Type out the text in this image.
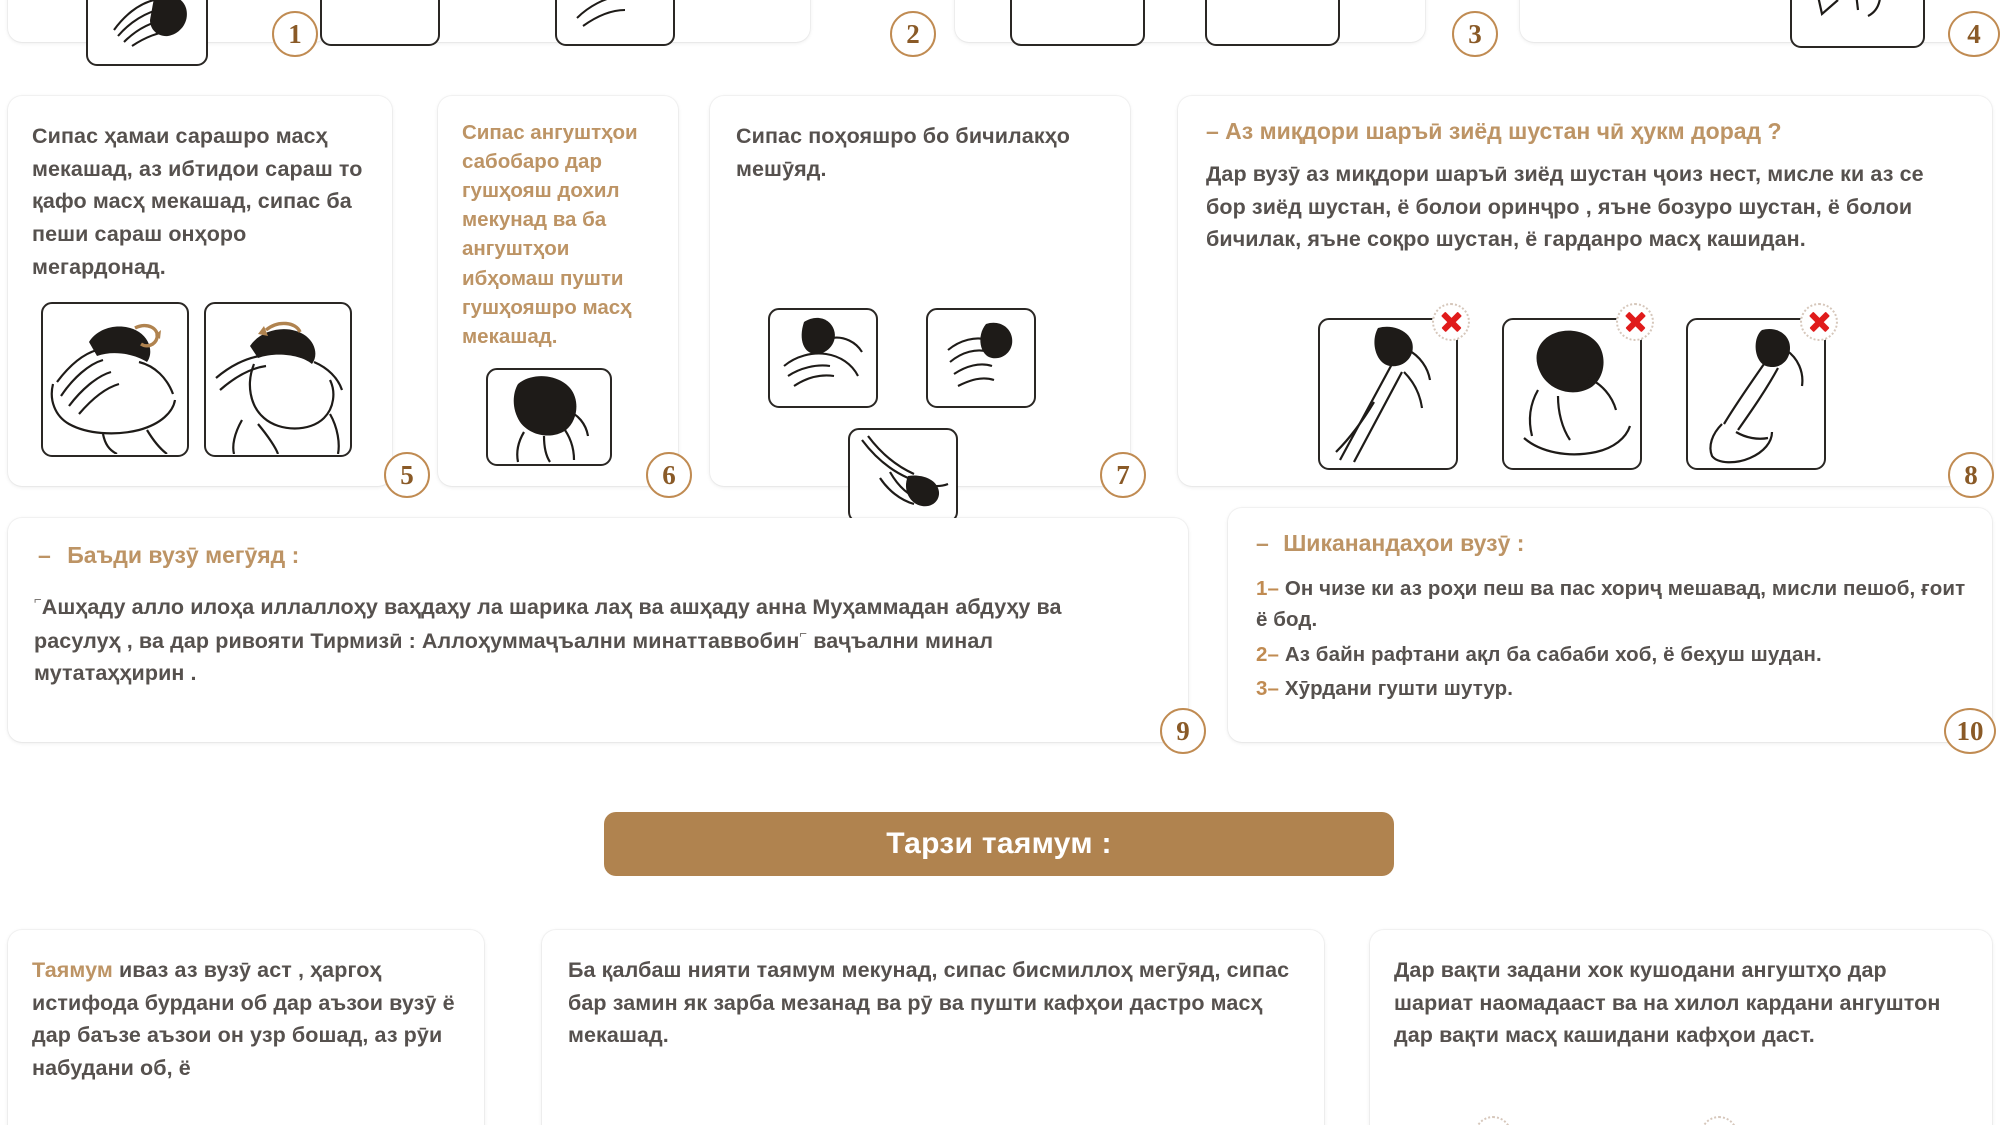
1	2	3	4
Сипас ҳамаи сарашро масҳ мекашад, аз ибтидои сараш то қафо масҳ мекашад, сипас ба пеши сараш онҳоро мегардонад.
5
Сипас ангуштҳои сабобаро дар гушҳояш дохил мекунад ва ба ангуштҳои ибҳомаш пушти гушҳояшро масҳ мекашад.
6
Сипас поҳояшро бо бичилакҳо мешӯяд.
7
– Аз миқдори шаръӣ зиёд шустан чӣ ҳукм дорад ?
Дар вузӯ аз миқдори шаръӣ зиёд шустан ҷоиз нест, мисле ки аз се бор зиёд шустан, ё болои оринҷро , яъне бозуро шустан, ё болои бичилак, яъне соқро шустан, ё гарданро масҳ кашидан.
8
– Баъди вузӯ мегӯяд :
⌐Ашҳаду алло илоҳа иллаллоҳу ваҳдаҳу ла шарика лаҳ ва ашҳаду анна Муҳаммадан абдуҳу ва расулуҳ , ва дар ривояти Тирмизӣ : Аллоҳуммаҷъални минаттаввобин⌐ ваҷъални минал мутатаҳҳирин .
9
– Шиканандаҳои вузӯ :
1– Он чизе ки аз роҳи пеш ва пас хориҷ мешавад, мисли пешоб, ғоит ё бод.
2– Аз байн рафтани ақл ба сабаби хоб, ё беҳуш шудан.
3– Хӯрдани гушти шутур.
10
Тарзи таямум :
Таямум иваз аз вузӯ аст , ҳаргоҳ истифода бурдани об дар аъзои вузӯ ё дар баъзе аъзои он узр бошад, аз рӯи набудани об, ё
Ба қалбаш нияти таямум мекунад, сипас бисмиллоҳ мегӯяд, сипас бар замин як зарба мезанад ва рӯ ва пушти кафҳои дастро масҳ мекашад.
Дар вақти задани хок кушодани ангуштҳо дар шариат наомадааст ва на хилол кардани ангуштон дар вақти масҳ кашидани кафҳои даст.
